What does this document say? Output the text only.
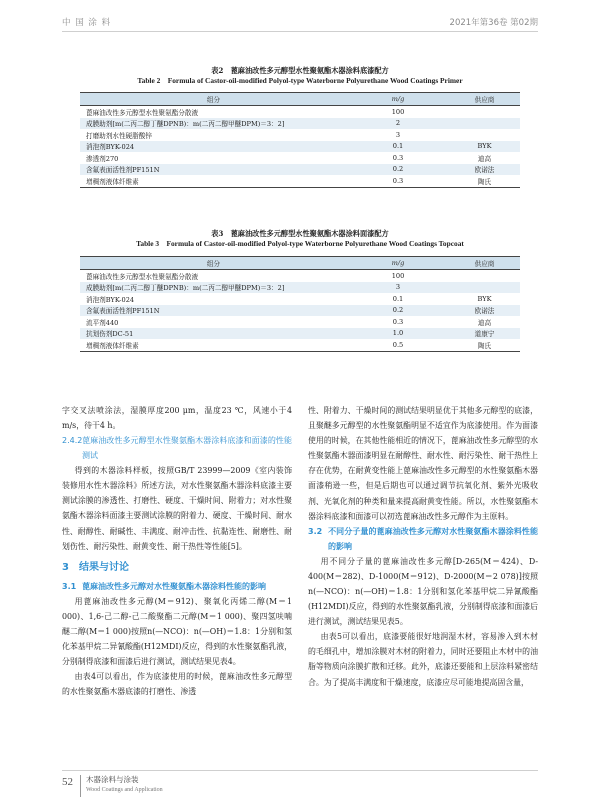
中 国 涂 料	2021年第36卷 第02期
表2　蓖麻油改性多元醇型水性聚氨酯木器涂料底漆配方
Table 2　Formula of Castor-oil-modified Polyol-type Waterborne Polyurethane Wood Coatings Primer
组分	m/g	供应商
蓖麻油改性多元醇型水性聚氨酯分散液	100	
成膜助剂[m(二丙二醇丁醚DPNB)：m(二丙二醇甲醚DPM)＝3：2]	2	
打磨助剂水性硬脂酸锌	3	
消泡剂BYK-024	0.1	BYK
渗透剂270	0.3	迪高
含氟表面活性剂PF151N	0.2	欧诺法
增稠剂液体纤维素	0.3	陶氏
表3　蓖麻油改性多元醇型水性聚氨酯木器涂料面漆配方
Table 3　Formula of Castor-oil-modified Polyol-type Waterborne Polyurethane Wood Coatings Topcoat
组分	m/g	供应商
蓖麻油改性多元醇型水性聚氨酯分散液	100	
成膜助剂[m(二丙二醇丁醚DPNB)：m(二丙二醇甲醚DPM)＝3：2]	3	
消泡剂BYK-024	0.1	BYK
含氟表面活性剂PF151N	0.2	欧诺法
流平剂440	0.3	迪高
抗划伤剂DC-51	1.0	道康宁
增稠剂液体纤维素	0.5	陶氏

字交叉法喷涂法，湿膜厚度200 μm，温度23 ℃，风速小于4 m/s，待干4 h。

2.4.2蓖麻油改性多元醇型水性聚氨酯木器涂料底漆和面漆的性能测试

得到的木器涂料样板，按照GB/T 23999—2009《室内装饰装修用水性木器涂料》所述方法，对水性聚氨酯木器涂料底漆主要测试涂膜的渗透性、打磨性、硬度、干燥时间、附着力；对水性聚氨酯木器涂料面漆主要测试涂膜的附着力、硬度、干燥时间、耐水性、耐醇性、耐碱性、丰满度、耐冲击性、抗黏连性、耐磨性、耐划伤性、耐污染性、耐黄变性、耐干热性等性能[5]。

3　结果与讨论
3.1 蓖麻油改性多元醇对水性聚氨酯木器涂料性能的影响

用蓖麻油改性多元醇(M＝912)、聚氧化丙烯二醇(M＝1 000)、1,6-己二醇-己二酸聚酯二元醇(M＝1 000)、聚四氢呋喃醚二醇(M＝1 000)按照n(—NCO)：n(—OH)＝1.8：1分别和氢化苯基甲烷二异氰酸酯(H12MDI)反应，得到的水性聚氨酯乳液，分别制得底漆和面漆后进行测试，测试结果见表4。

由表4可以看出，作为底漆使用的时候，蓖麻油改性多元醇型的水性聚氨酯木器底漆的打磨性、渗透

性、附着力、干燥时间的测试结果明显优于其他多元醇型的底漆，且聚醚多元醇型的水性聚氨酯明显不适宜作为底漆使用。作为面漆使用的时候，在其他性能相近的情况下，蓖麻油改性多元醇型的水性聚氨酯木器面漆明显在耐醇性、耐水性、耐污染性、耐干热性上存在优势，在耐黄变性能上蓖麻油改性多元醇型的水性聚氨酯木器面漆稍逊一些，但是后期也可以通过调节抗氧化剂、紫外光吸收剂、光氧化剂的种类和量来提高耐黄变性能。所以，水性聚氨酯木器涂料底漆和面漆可以初选蓖麻油改性多元醇作为主原料。

3.2 不同分子量的蓖麻油改性多元醇对水性聚氨酯木器涂料性能的影响

用不同分子量的蓖麻油改性多元醇[D-265(M＝424)、D-400(M＝282)、D-1000(M＝912)、D-2000(M＝2 078)]按照n(—NCO)：n(—OH)＝1.8：1分别和氢化苯基甲烷二异氰酸酯(H12MDI)反应，得到的水性聚氨酯乳液，分别制得底漆和面漆后进行测试，测试结果见表5。

由表5可以看出，底漆要能很好地润湿木材，容易渗入到木材的毛细孔中，增加涂膜对木材的附着力，同时还要阻止木材中的油脂等物质向涂膜扩散和迁移。此外，底漆还要能和上层涂料紧密结合。为了提高丰满度和干燥速度，底漆应尽可能地提高固含量，

52 木器涂料与涂装
Wood Coatings and Application
